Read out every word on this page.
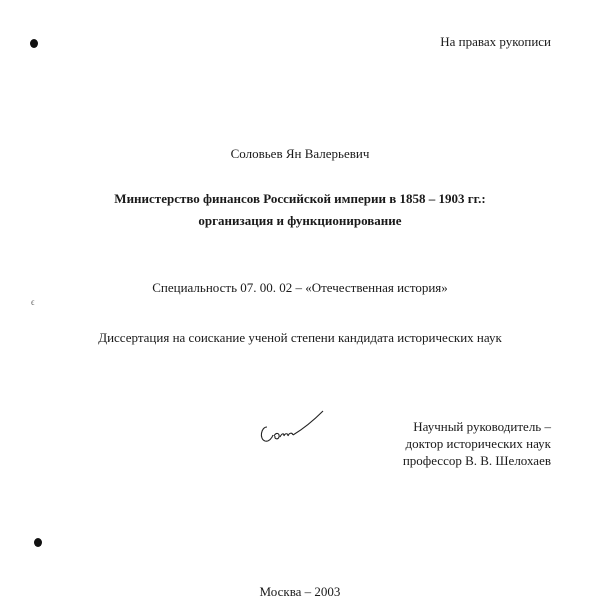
ϵ
На правах рукописи
Соловьев Ян Валерьевич
Министерство финансов Российской империи в 1858 – 1903 гг.:
организация и функционирование
Специальность 07. 00. 02 – «Отечественная история»
Диссертация на соискание ученой степени кандидата исторических наук
Научный руководитель –
доктор исторических наук
профессор В. В. Шелохаев
Москва – 2003
